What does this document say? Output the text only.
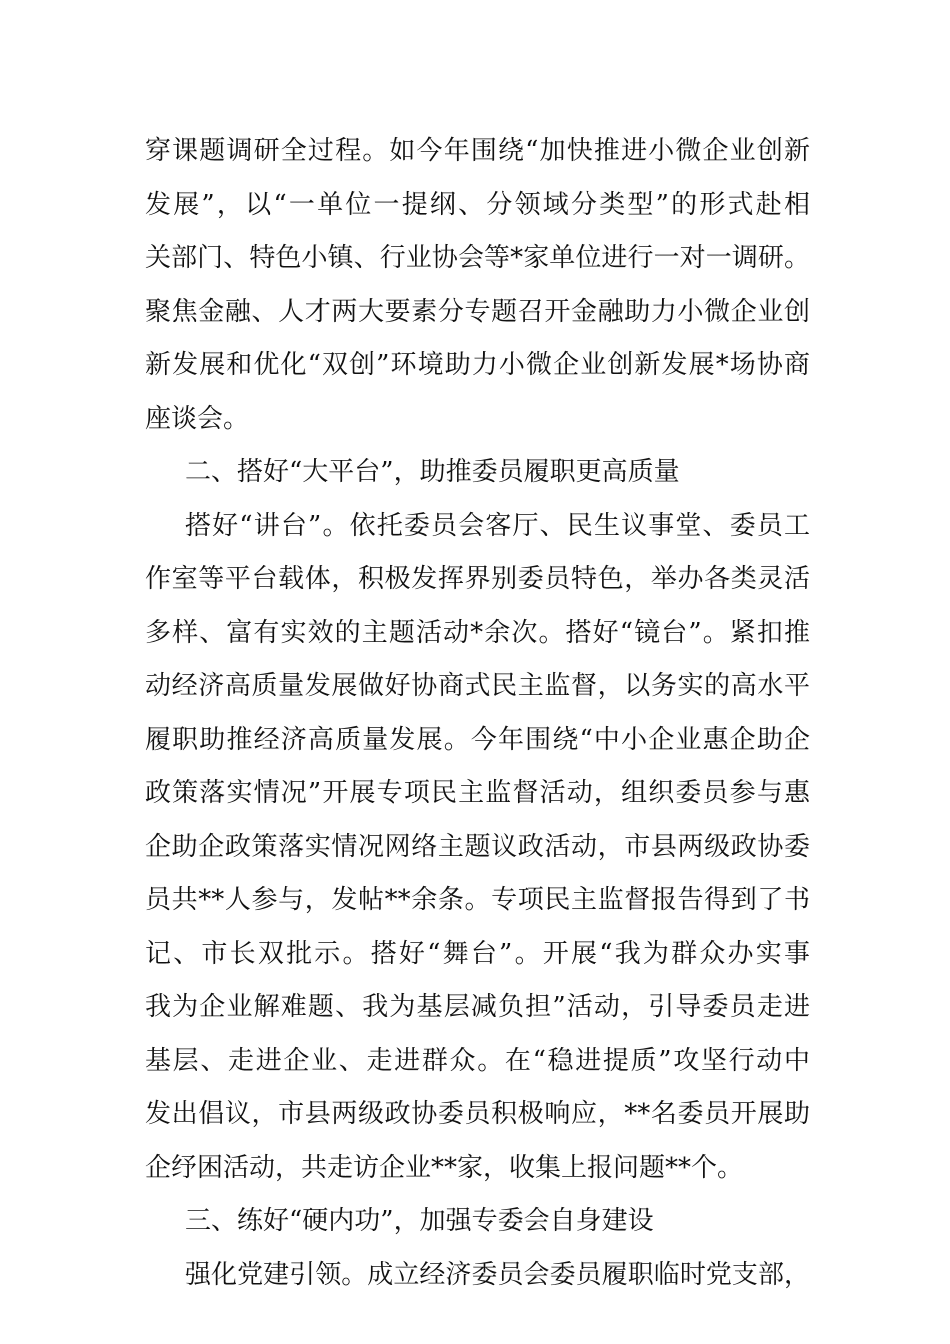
穿课题调研全过程。如今年围绕“加快推进小微企业创新
发展”，以“一单位一提纲、分领域分类型”的形式赴相
关部门、特色小镇、行业协会等*家单位进行一对一调研。
聚焦金融、人才两大要素分专题召开金融助力小微企业创
新发展和优化“双创”环境助力小微企业创新发展*场协商
座谈会。
二、搭好“大平台”，助推委员履职更高质量
搭好“讲台”。依托委员会客厅、民生议事堂、委员工
作室等平台载体，积极发挥界别委员特色，举办各类灵活
多样、富有实效的主题活动*余次。搭好“镜台”。紧扣推
动经济高质量发展做好协商式民主监督，以务实的高水平
履职助推经济高质量发展。今年围绕“中小企业惠企助企
政策落实情况”开展专项民主监督活动，组织委员参与惠
企助企政策落实情况网络主题议政活动，市县两级政协委
员共**人参与，发帖**余条。专项民主监督报告得到了书
记、市长双批示。搭好“舞台”。开展“我为群众办实事
我为企业解难题、我为基层减负担”活动，引导委员走进
基层、走进企业、走进群众。在“稳进提质”攻坚行动中
发出倡议，市县两级政协委员积极响应，**名委员开展助
企纾困活动，共走访企业**家，收集上报问题**个。
三、练好“硬内功”，加强专委会自身建设
强化党建引领。成立经济委员会委员履职临时党支部，
